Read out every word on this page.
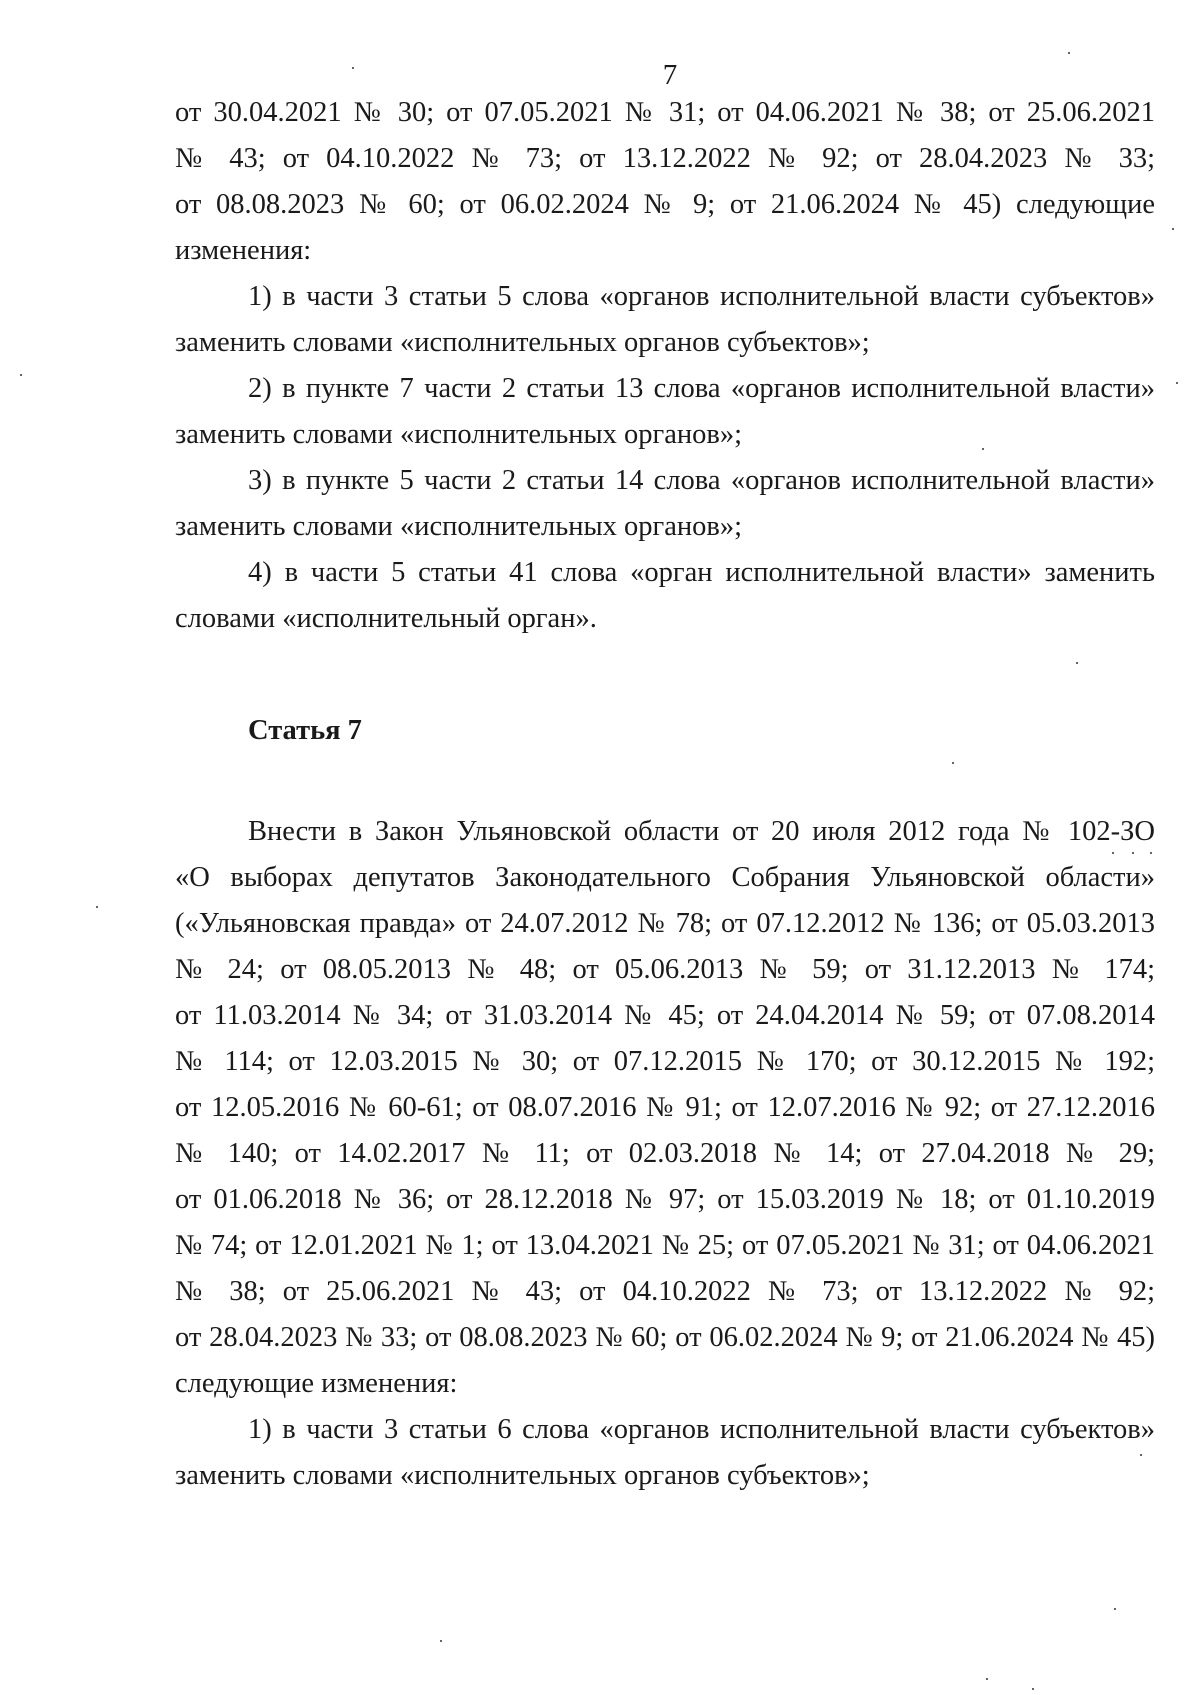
7
от 30.04.2021 № 30; от 07.05.2021 № 31; от 04.06.2021 № 38; от 25.06.2021
№ 43; от 04.10.2022 № 73; от 13.12.2022 № 92; от 28.04.2023 № 33;
от 08.08.2023 № 60; от 06.02.2024 № 9; от 21.06.2024 № 45) следующие
изменения:
1) в части 3 статьи 5 слова «органов исполнительной власти субъектов»
заменить словами «исполнительных органов субъектов»;
2) в пункте 7 части 2 статьи 13 слова «органов исполнительной власти»
заменить словами «исполнительных органов»;
3) в пункте 5 части 2 статьи 14 слова «органов исполнительной власти»
заменить словами «исполнительных органов»;
4) в части 5 статьи 41 слова «орган исполнительной власти» заменить
словами «исполнительный орган».
Статья 7
Внести в Закон Ульяновской области от 20 июля 2012 года № 102-ЗО
«О выборах депутатов Законодательного Собрания Ульяновской области»
(«Ульяновская правда» от 24.07.2012 № 78; от 07.12.2012 № 136; от 05.03.2013
№ 24; от 08.05.2013 № 48; от 05.06.2013 № 59; от 31.12.2013 № 174;
от 11.03.2014 № 34; от 31.03.2014 № 45; от 24.04.2014 № 59; от 07.08.2014
№ 114; от 12.03.2015 № 30; от 07.12.2015 № 170; от 30.12.2015 № 192;
от 12.05.2016 № 60-61; от 08.07.2016 № 91; от 12.07.2016 № 92; от 27.12.2016
№ 140; от 14.02.2017 № 11; от 02.03.2018 № 14; от 27.04.2018 № 29;
от 01.06.2018 № 36; от 28.12.2018 № 97; от 15.03.2019 № 18; от 01.10.2019
№ 74; от 12.01.2021 № 1; от 13.04.2021 № 25; от 07.05.2021 № 31; от 04.06.2021
№ 38; от 25.06.2021 № 43; от 04.10.2022 № 73; от 13.12.2022 № 92;
от 28.04.2023 № 33; от 08.08.2023 № 60; от 06.02.2024 № 9; от 21.06.2024 № 45)
следующие изменения:
1) в части 3 статьи 6 слова «органов исполнительной власти субъектов»
заменить словами «исполнительных органов субъектов»;
